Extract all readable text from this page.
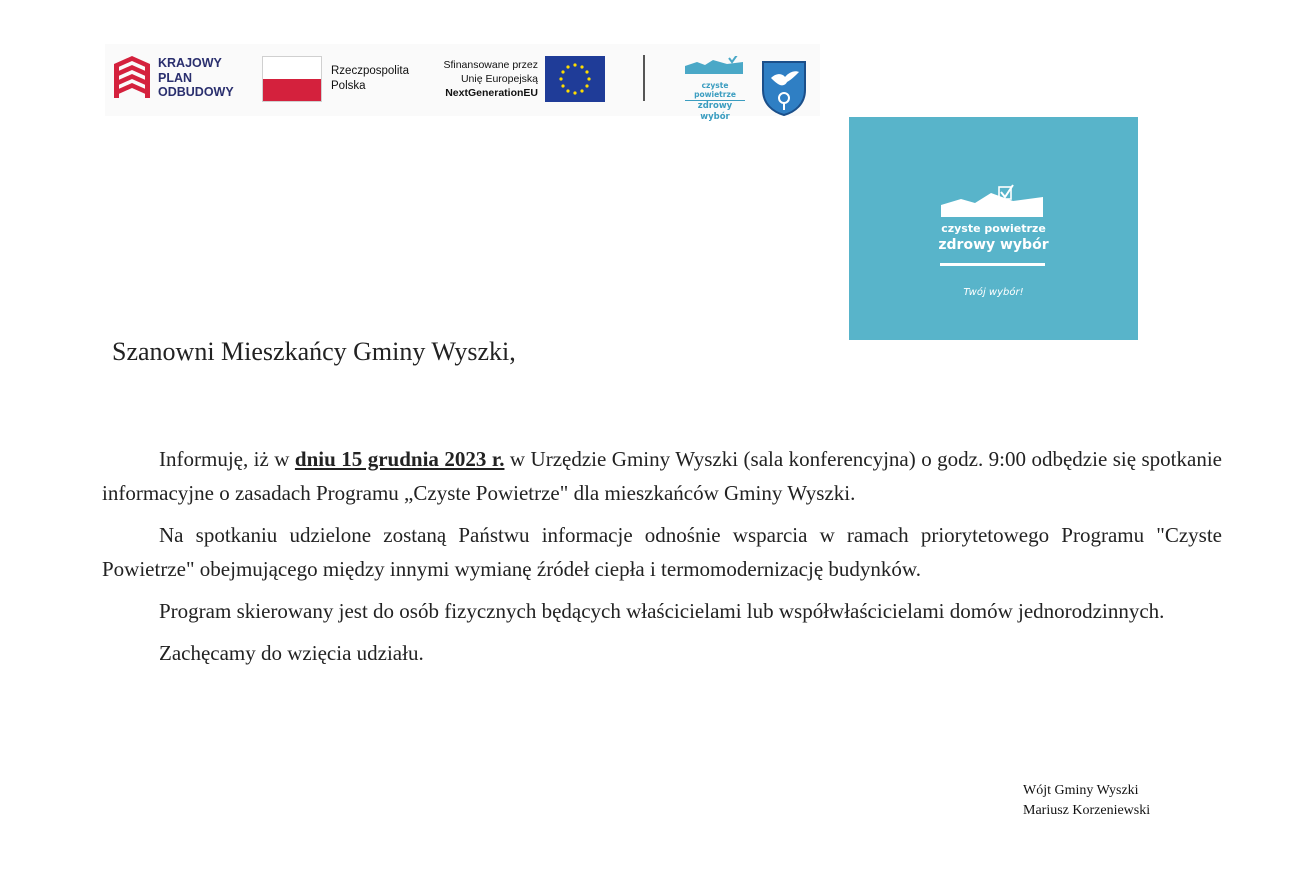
KRAJOWY
PLAN
ODBUDOWY
Rzeczpospolita
Polska
Sfinansowane przez
Unię Europejską
NextGenerationEU
czyste powietrze
zdrowy wybór
czyste powietrze
zdrowy wybór
Twój wybór!
Szanowni Mieszkańcy Gminy Wyszki,

Informuję, iż w dniu 15 grudnia 2023 r. w Urzędzie Gminy Wyszki (sala konferencyjna) o godz. 9:00 odbędzie się spotkanie informacyjne o zasadach Programu „Czyste Powietrze" dla mieszkańców Gminy Wyszki.

Na spotkaniu udzielone zostaną Państwu informacje odnośnie wsparcia w ramach priorytetowego Programu "Czyste Powietrze" obejmującego między innymi wymianę źródeł ciepła i termomodernizację budynków.

Program skierowany jest do osób fizycznych będących właścicielami lub współwłaścicielami domów jednorodzinnych.

Zachęcamy do wzięcia udziału.

Wójt Gminy Wyszki
Mariusz Korzeniewski
